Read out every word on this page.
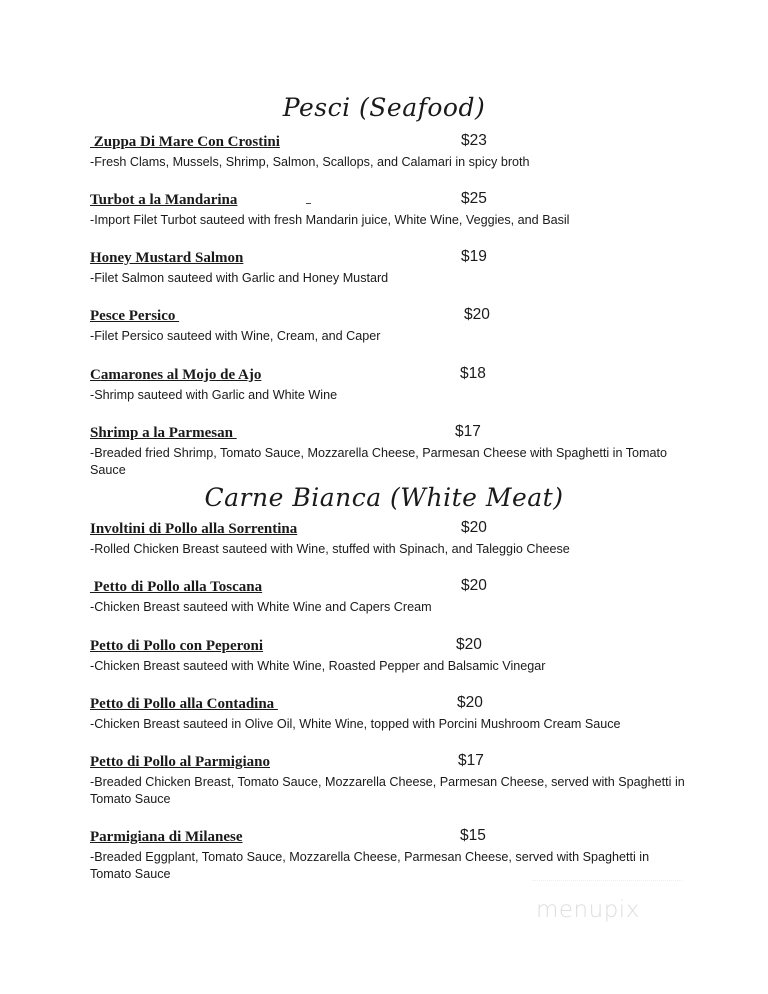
Pesci (Seafood)
Zuppa Di Mare Con Crostini	$23
-Fresh Clams, Mussels, Shrimp, Salmon, Scallops, and Calamari in spicy broth
Turbot a la Mandarina	$25
-Import Filet Turbot sauteed with fresh Mandarin juice, White Wine, Veggies, and Basil
Honey Mustard Salmon	$19
-Filet Salmon sauteed with Garlic and Honey Mustard
Pesce Persico	$20
-Filet Persico sauteed with Wine, Cream, and Caper
Camarones al Mojo de Ajo	$18
-Shrimp sauteed with Garlic and White Wine
Shrimp a la Parmesan	$17
-Breaded fried Shrimp, Tomato Sauce, Mozzarella Cheese, Parmesan Cheese with Spaghetti in Tomato Sauce
Carne Bianca (White Meat)
Involtini di Pollo alla Sorrentina	$20
-Rolled Chicken Breast sauteed with Wine, stuffed with Spinach, and Taleggio Cheese
Petto di Pollo alla Toscana	$20
-Chicken Breast sauteed with White Wine and Capers Cream
Petto di Pollo con Peperoni	$20
-Chicken Breast sauteed with White Wine, Roasted Pepper and Balsamic Vinegar
Petto di Pollo alla Contadina	$20
-Chicken Breast sauteed in Olive Oil, White Wine, topped with Porcini Mushroom Cream Sauce
Petto di Pollo al Parmigiano	$17
-Breaded Chicken Breast, Tomato Sauce, Mozzarella Cheese, Parmesan Cheese, served with Spaghetti in Tomato Sauce
Parmigiana di Milanese	$15
-Breaded Eggplant, Tomato Sauce, Mozzarella Cheese, Parmesan Cheese, served with Spaghetti in Tomato Sauce
menupix
